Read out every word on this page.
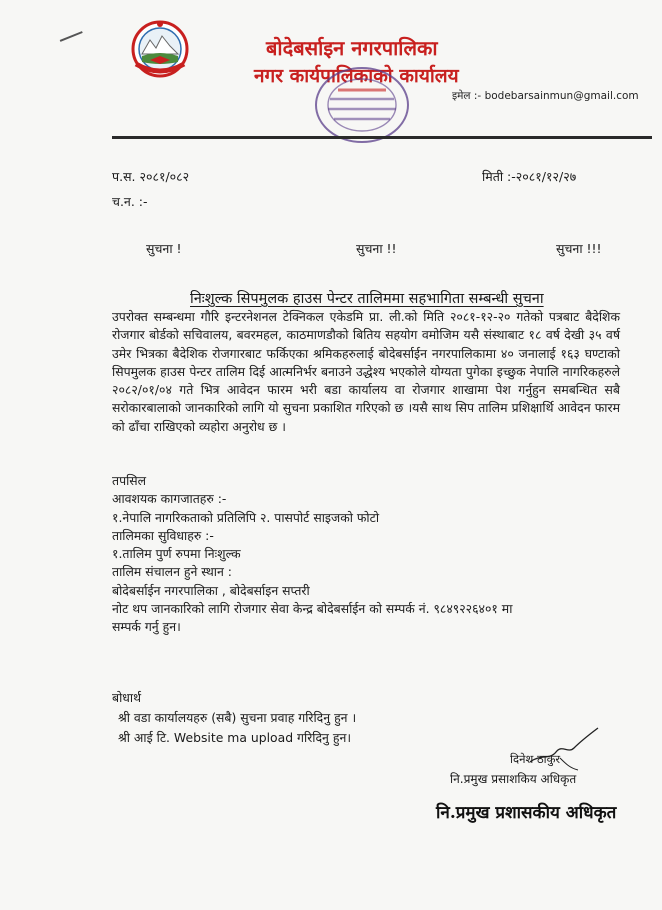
बोदेबर्साइन नगरपालिका
नगर कार्यपालिकाको कार्यालय
इमेल :- bodebarsainmun@gmail.com
प.स. २०८१/०८२
च.न. :-
मिती :-२०८१/१२/२७
सुचना !	सुचना !!	सुचना !!!
निःशुल्क सिपमुलक हाउस पेन्टर तालिममा सहभागिता सम्बन्धी सुचना
उपरोक्त सम्बन्धमा गौरि इन्टरनेशनल टेक्निकल एकेडमि प्रा. ली.को मिति २०८१-१२-२० गतेको पत्रबाट बैदेशिक रोजगार बोर्डको सचिवालय, बवरमहल, काठमाणडौको बितिय सहयोग वमोजिम यसै संस्थाबाट १८ वर्ष देखी ३५ वर्ष उमेर भित्रका बैदेशिक रोजगारबाट फर्किएका श्रमिकहरुलाई बोदेबर्साईन नगरपालिकामा ४० जनालाई १६३ घण्टाको सिपमुलक हाउस पेन्टर तालिम दिई आत्मनिर्भर बनाउने उद्धेश्य भएकोले योग्यता पुगेका इच्छुक नेपालि नागरिकहरुले २०८२/०१/०४ गते भित्र आवेदन फारम भरी बडा कार्यालय वा रोजगार शाखामा पेश गर्नुहुन समबन्धित सबै सरोकारबालाको जानकारिको लागि यो सुचना प्रकाशित गरिएको छ ।यसै साथ सिप तालिम प्रशिक्षार्थि आवेदन फारम को ढाँचा राखिएको व्यहोरा अनुरोध छ ।
तपसिल
आवशयक कागजातहरु :-
१.नेपालि नागरिकताको प्रतिलिपि २. पासपोर्ट साइजको फोटो
तालिमका सुविधाहरु :-
१.तालिम पुर्ण रुपमा निःशुल्क
तालिम संचालन हुने स्थान :
बोदेबर्साईन नगरपालिका , बोदेबर्साइन सप्तरी
नोट थप जानकारिको लागि रोजगार सेवा केन्द्र बोदेबर्साईन को सम्पर्क नं. ९८४९२२६४०१ मा
सम्पर्क गर्नु हुन।
बोधार्थ
श्री वडा कार्यालयहरु (सबै) सुचना प्रवाह गरिदिनु हुन ।
श्री आई टि. Website ma upload गरिदिनु हुन।
दिनेश ठाकुर
नि.प्रमुख प्रसाशकिय अधिकृत
नि.प्रमुख प्रशासकीय अधिकृत
